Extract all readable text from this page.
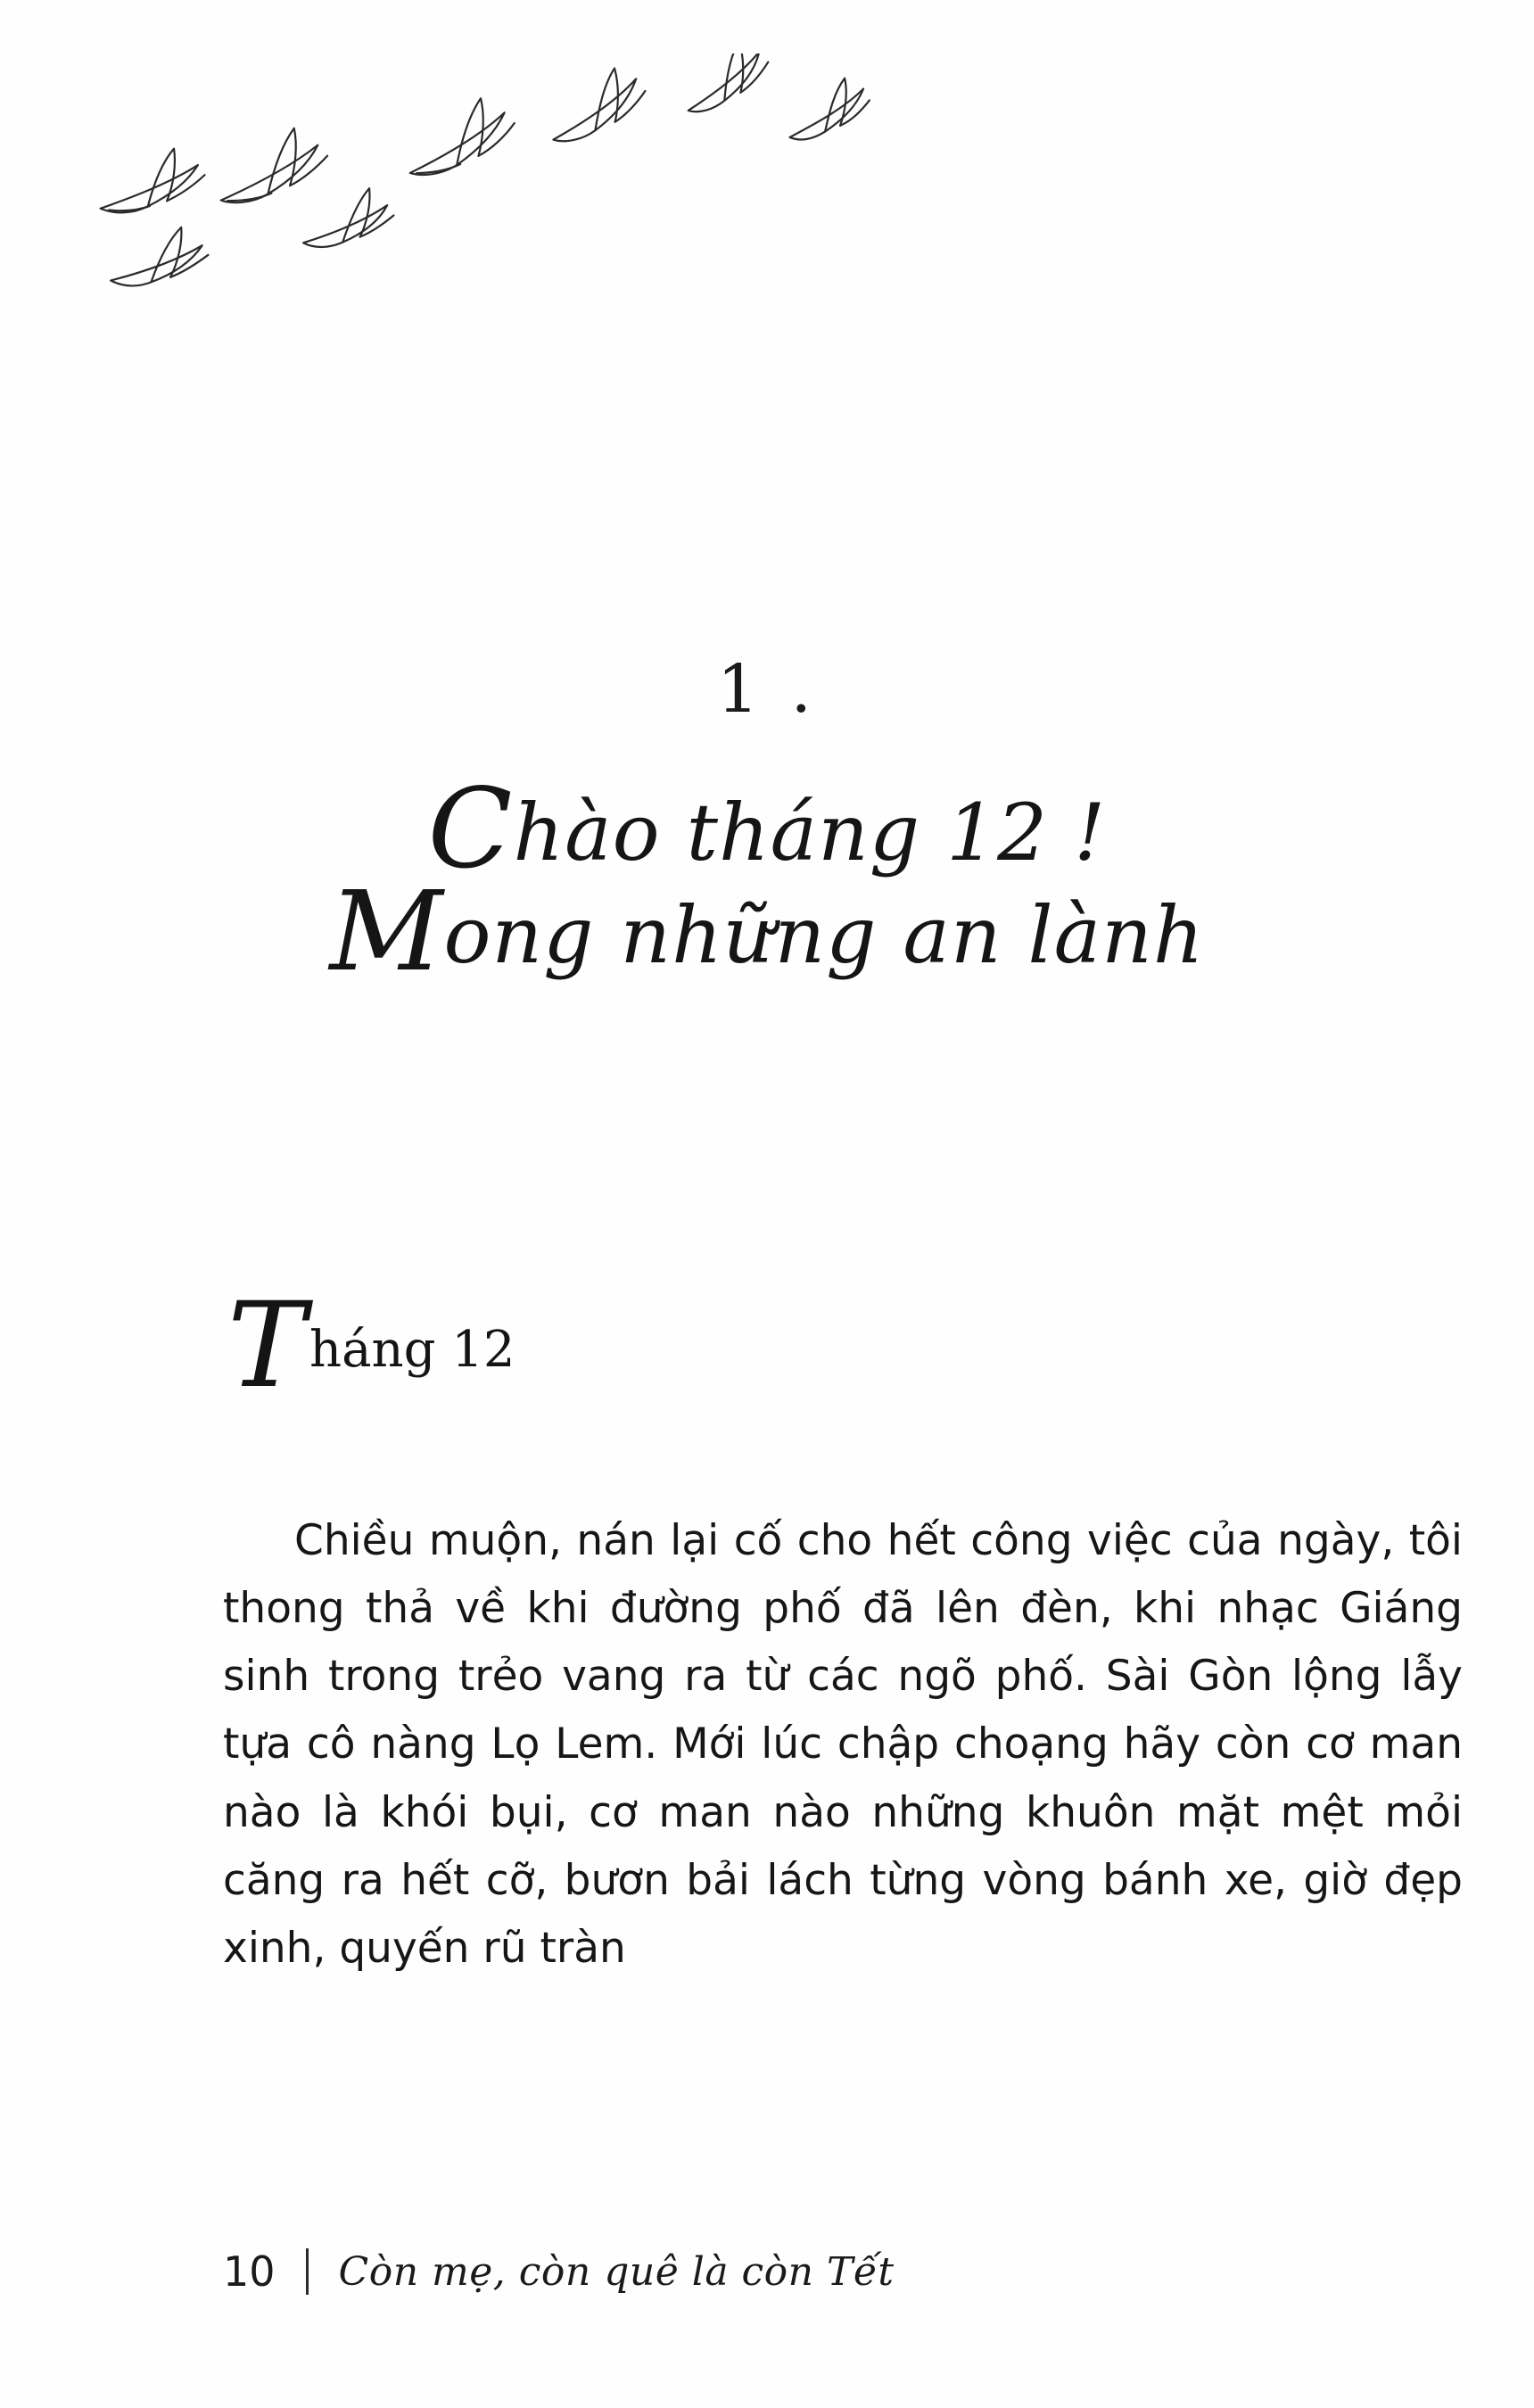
1 .
Chào tháng 12 !
Mong những an lành
Tháng 12

Chiều muộn, nán lại cố cho hết công việc của ngày, tôi thong thả về khi đường phố đã lên đèn, khi nhạc Giáng sinh trong trẻo vang ra từ các ngõ phố. Sài Gòn lộng lẫy tựa cô nàng Lọ Lem. Mới lúc chập choạng hãy còn cơ man nào là khói bụi, cơ man nào những khuôn mặt mệt mỏi căng ra hết cỡ, bươn bải lách từng vòng bánh xe, giờ đẹp xinh, quyến rũ tràn

10 Còn mẹ, còn quê là còn Tết
